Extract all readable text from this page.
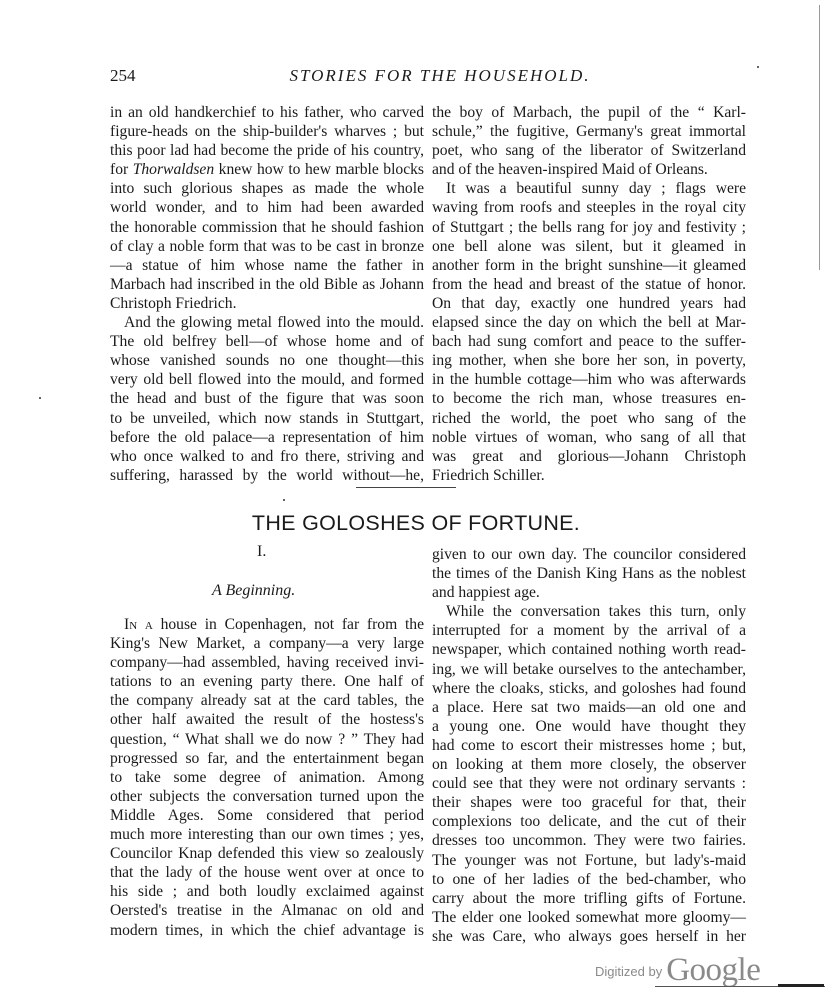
254	STORIES FOR THE HOUSEHOLD.
in an old handkerchief to his father, who carved
figure-heads on the ship-builder's wharves ; but
this poor lad had become the pride of his country,
for Thorwaldsen knew how to hew marble blocks
into such glorious shapes as made the whole
world wonder, and to him had been awarded
the honorable commission that he should fashion
of clay a noble form that was to be cast in bronze
—a statue of him whose name the father in
Marbach had inscribed in the old Bible as Johann
Christoph Friedrich.
And the glowing metal flowed into the mould.
The old belfrey bell—of whose home and of
whose vanished sounds no one thought—this
very old bell flowed into the mould, and formed
the head and bust of the figure that was soon
to be unveiled, which now stands in Stuttgart,
before the old palace—a representation of him
who once walked to and fro there, striving and
suffering, harassed by the world without—he,
the boy of Marbach, the pupil of the “ Karl-
schule,” the fugitive, Germany's great immortal
poet, who sang of the liberator of Switzerland
and of the heaven-inspired Maid of Orleans.
It was a beautiful sunny day ; flags were
waving from roofs and steeples in the royal city
of Stuttgart ; the bells rang for joy and festivity ;
one bell alone was silent, but it gleamed in
another form in the bright sunshine—it gleamed
from the head and breast of the statue of honor.
On that day, exactly one hundred years had
elapsed since the day on which the bell at Mar-
bach had sung comfort and peace to the suffer-
ing mother, when she bore her son, in poverty,
in the humble cottage—him who was afterwards
to become the rich man, whose treasures en-
riched the world, the poet who sang of the
noble virtues of woman, who sang of all that
was great and glorious—Johann Christoph
Friedrich Schiller.
THE GOLOSHES OF FORTUNE.
I.
A Beginning.
In a house in Copenhagen, not far from the
King's New Market, a company—a very large
company—had assembled, having received invi-
tations to an evening party there. One half of
the company already sat at the card tables, the
other half awaited the result of the hostess's
question, “ What shall we do now ? ” They had
progressed so far, and the entertainment began
to take some degree of animation. Among
other subjects the conversation turned upon the
Middle Ages. Some considered that period
much more interesting than our own times ; yes,
Councilor Knap defended this view so zealously
that the lady of the house went over at once to
his side ; and both loudly exclaimed against
Oersted's treatise in the Almanac on old and
modern times, in which the chief advantage is
given to our own day. The councilor considered
the times of the Danish King Hans as the noblest
and happiest age.
While the conversation takes this turn, only
interrupted for a moment by the arrival of a
newspaper, which contained nothing worth read-
ing, we will betake ourselves to the antechamber,
where the cloaks, sticks, and goloshes had found
a place. Here sat two maids—an old one and
a young one. One would have thought they
had come to escort their mistresses home ; but,
on looking at them more closely, the observer
could see that they were not ordinary servants :
their shapes were too graceful for that, their
complexions too delicate, and the cut of their
dresses too uncommon. They were two fairies.
The younger was not Fortune, but lady's-maid
to one of her ladies of the bed-chamber, who
carry about the more trifling gifts of Fortune.
The elder one looked somewhat more gloomy—
she was Care, who always goes herself in her
$^{Digitized by}$ Google
